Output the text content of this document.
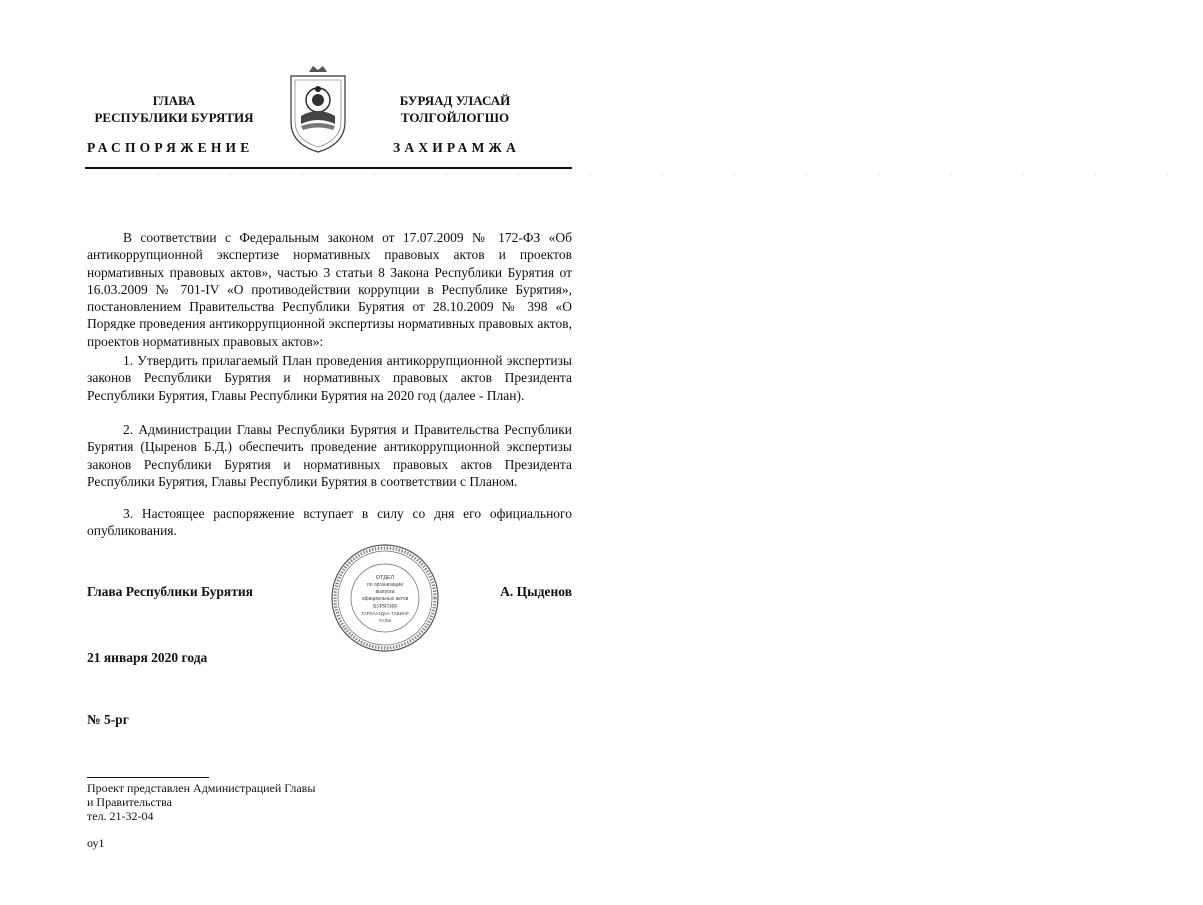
ГЛАВА
РЕСПУБЛИКИ БУРЯТИЯ
БУРЯАД УЛАСАЙ
ТОЛГОЙЛОГШО
РАСПОРЯЖЕНИЕ	ЗАХИРАМЖА
· · · · · · · · · · · · · · · ·
В соответствии с Федеральным законом от 17.07.2009 № 172-ФЗ «Об антикоррупционной экспертизе нормативных правовых актов и проектов нормативных правовых актов», частью 3 статьи 8 Закона Республики Бурятия от 16.03.2009 № 701-IV «О противодействии коррупции в Республике Бурятия», постановлением Правительства Республики Бурятия от 28.10.2009 № 398 «О Порядке проведения антикоррупционной экспертизы нормативных правовых актов, проектов нормативных правовых актов»:
1. Утвердить прилагаемый План проведения антикоррупционной экспертизы законов Республики Бурятия и нормативных правовых актов Президента Республики Бурятия, Главы Республики Бурятия на 2020 год (далее - План).
2. Администрации Главы Республики Бурятия и Правительства Республики Бурятия (Цыренов Б.Д.) обеспечить проведение антикоррупционной экспертизы законов Республики Бурятия и нормативных правовых актов Президента Республики Бурятия, Главы Республики Бурятия в соответствии с Планом.
3. Настоящее распоряжение вступает в силу со дня его официального опубликования.
Глава Республики Бурятия	А. Цыденов
ОТДЕЛ
по организации
выпуска
официальных актов
БУРЯТИЯ
ТАРХААГДАА ТАБИАР
ТАЛЫ
21 января 2020 года
№ 5-рг
Проект представлен Администрацией Главы
и Правительства
тел. 21-32-04
оу1
